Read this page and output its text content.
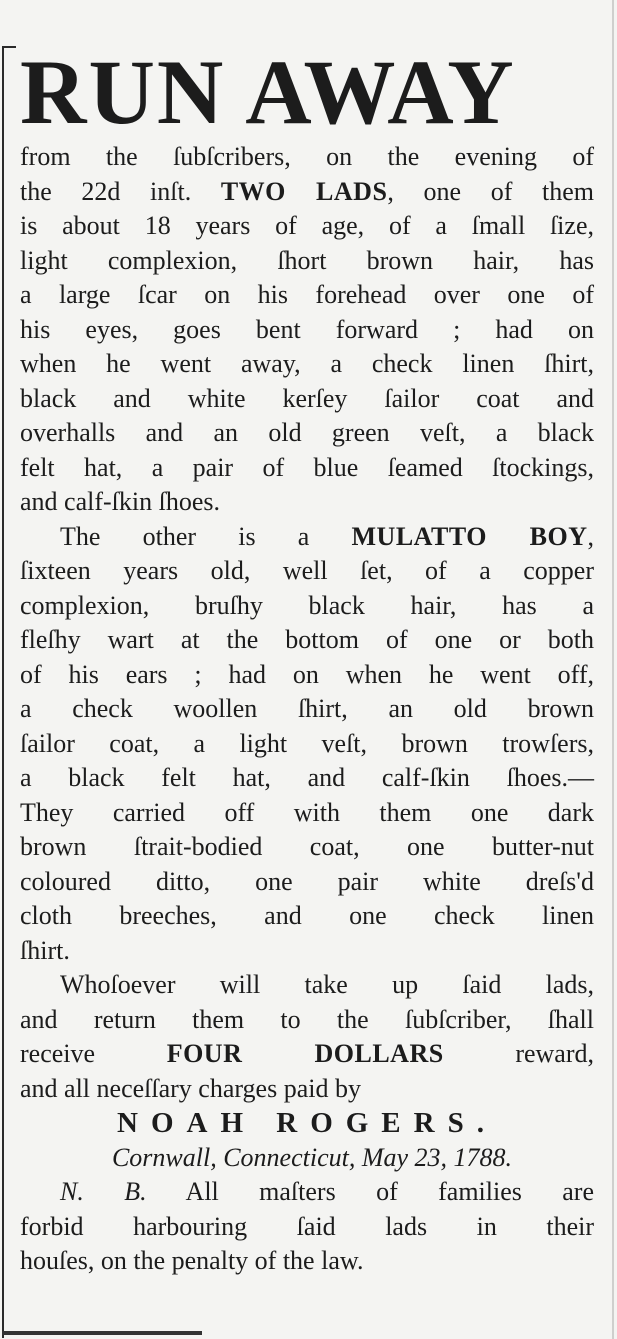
RUN AWAY
from the ſubſcribers, on the evening of
the 22d inſt. TWO LADS, one of them
is about 18 years of age, of a ſmall ſize,
light complexion, ſhort brown hair, has
a large ſcar on his forehead over one of
his eyes, goes bent forward ; had on
when he went away, a check linen ſhirt,
black and white kerſey ſailor coat and
overhalls and an old green veſt, a black
felt hat, a pair of blue ſeamed ſtockings,
and calf-ſkin ſhoes.
The other is a MULATTO BOY,
ſixteen years old, well ſet, of a copper
complexion, bruſhy black hair, has a
fleſhy wart at the bottom of one or both
of his ears ; had on when he went off,
a check woollen ſhirt, an old brown
ſailor coat, a light veſt, brown trowſers,
a black felt hat, and calf-ſkin ſhoes.—
They carried off with them one dark
brown ſtrait-bodied coat, one butter-nut
coloured ditto, one pair white dreſs'd
cloth breeches, and one check linen
ſhirt.
Whoſoever will take up ſaid lads,
and return them to the ſubſcriber, ſhall
receive FOUR DOLLARS reward,
and all neceſſary charges paid by
NOAH ROGERS.
Cornwall, Connecticut, May 23, 1788.
N. B. All maſters of families are
forbid harbouring ſaid lads in their
houſes, on the penalty of the law.
